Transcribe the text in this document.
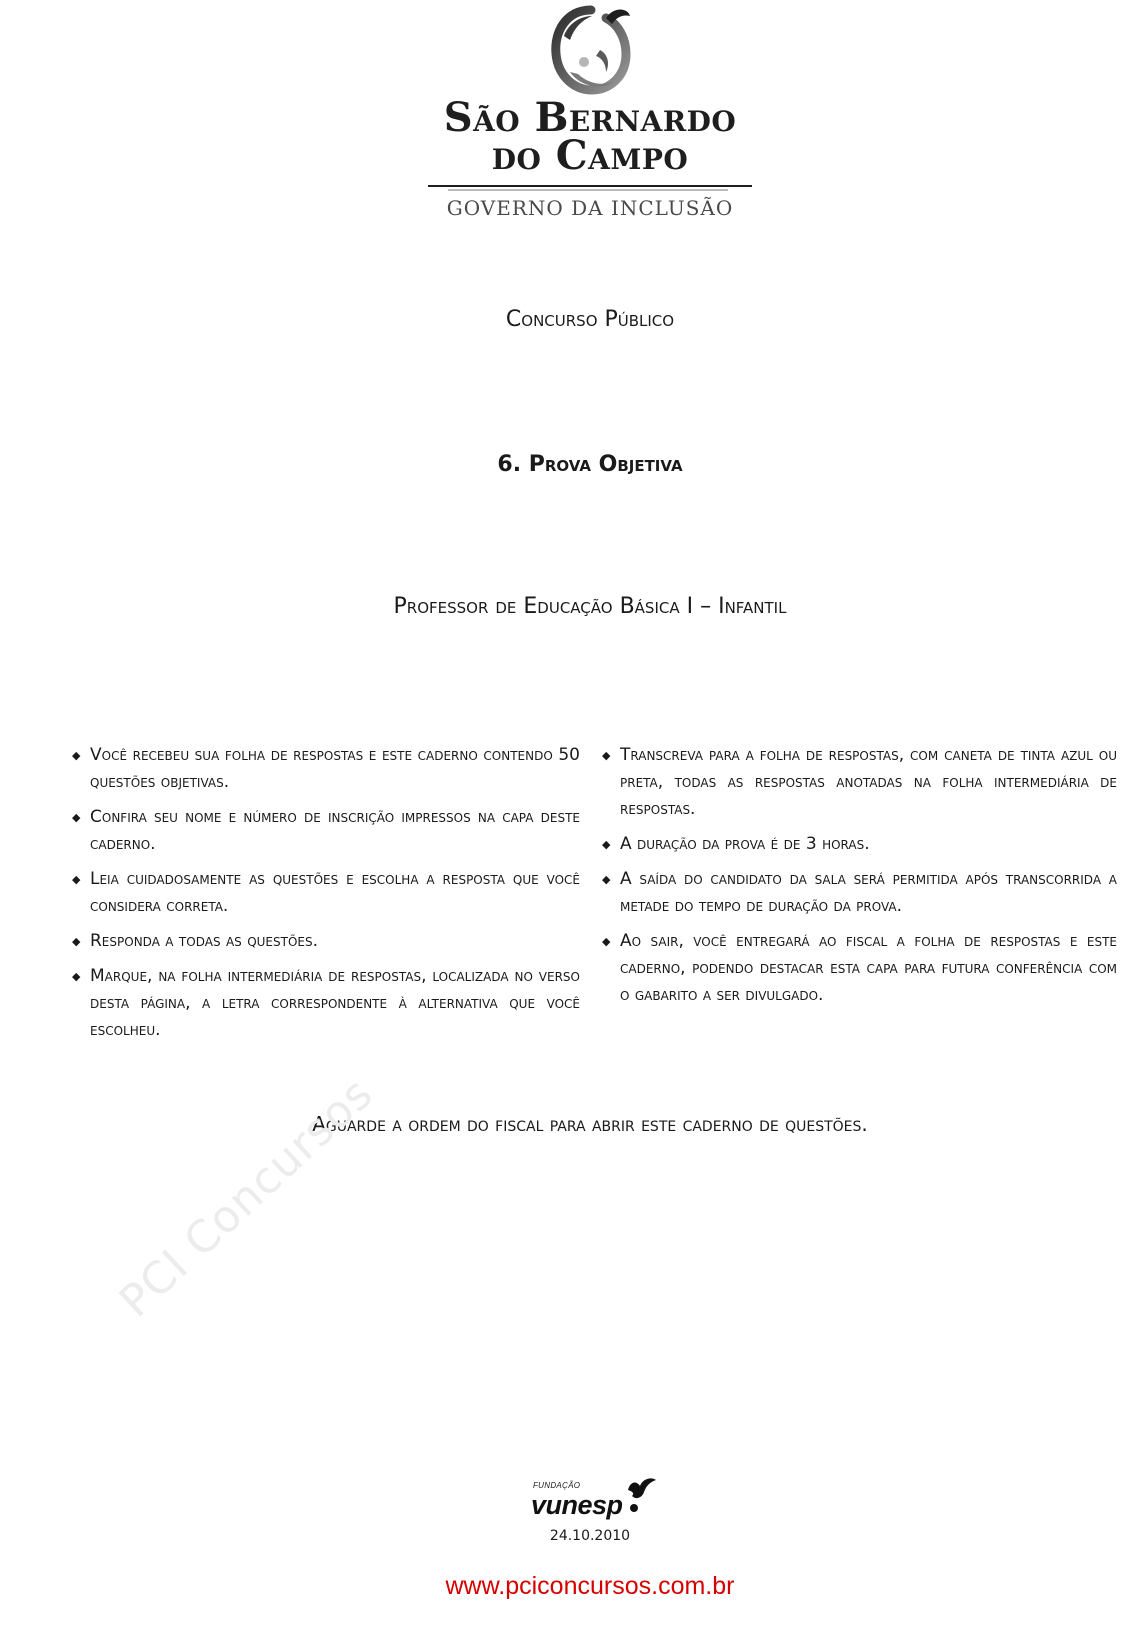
São Bernardo
do Campo
GOVERNO DA INCLUSÃO
Concurso Público
6. Prova Objetiva
Professor de Educação Básica I – Infantil
◆ Você recebeu sua folha de respostas e este caderno contendo 50 questões objetivas.
◆ Confira seu nome e número de inscrição impressos na capa deste caderno.
◆ Leia cuidadosamente as questões e escolha a resposta que você considera correta.
◆ Responda a todas as questões.
◆ Marque, na folha intermediária de respostas, localizada no verso desta página, a letra correspondente à alternativa que você escolheu.
◆ Transcreva para a folha de respostas, com caneta de tinta azul ou preta, todas as respostas anotadas na folha intermediária de respostas.
◆ A duração da prova é de 3 horas.
◆ A saída do candidato da sala será permitida após transcorrida a metade do tempo de duração da prova.
◆ Ao sair, você entregará ao fiscal a folha de respostas e este caderno, podendo destacar esta capa para futura conferência com o gabarito a ser divulgado.
Aguarde a ordem do fiscal para abrir este caderno de questões.
PCI Concursos
FUNDAÇÃO
vunesp
24.10.2010
www.pciconcursos.com.br
